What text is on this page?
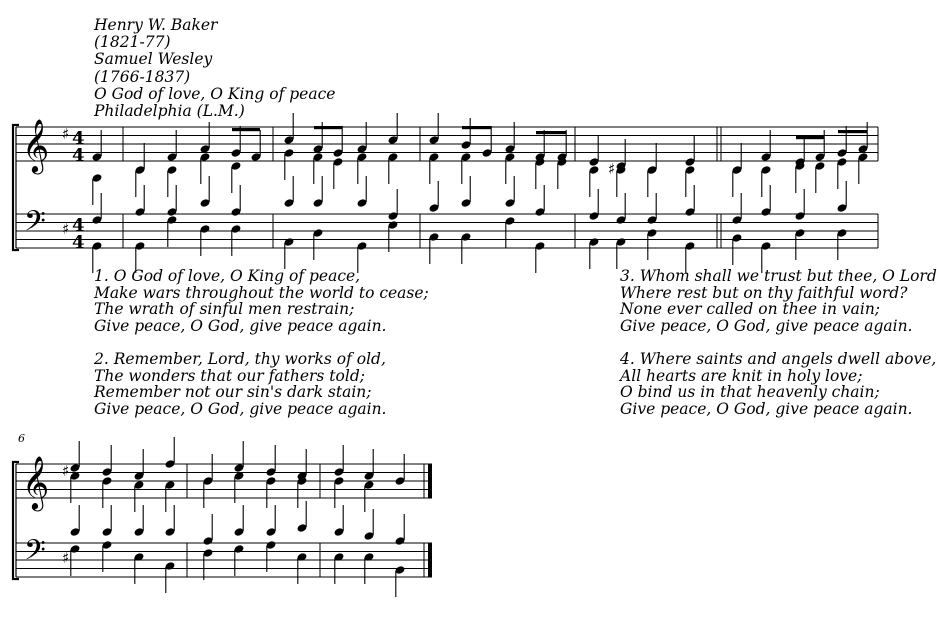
Henry W. Baker
(1821-77)
Samuel Wesley
(1766-1837)
O God of love, O King of peace
Philadelphia (L.M.)
𝄞
𝄢
♯
♯
4
4
4
4
♯
𝄞
𝄢
♯
♯
6
1. O God of love, O King of peace,
Make wars throughout the world to cease;
The wrath of sinful men restrain;
Give peace, O God, give peace again.
2. Remember, Lord, thy works of old,
The wonders that our fathers told;
Remember not our sin's dark stain;
Give peace, O God, give peace again.
3. Whom shall we trust but thee, O Lord
Where rest but on thy faithful word?
None ever called on thee in vain;
Give peace, O God, give peace again.
4. Where saints and angels dwell above,
All hearts are knit in holy love;
O bind us in that heavenly chain;
Give peace, O God, give peace again.
